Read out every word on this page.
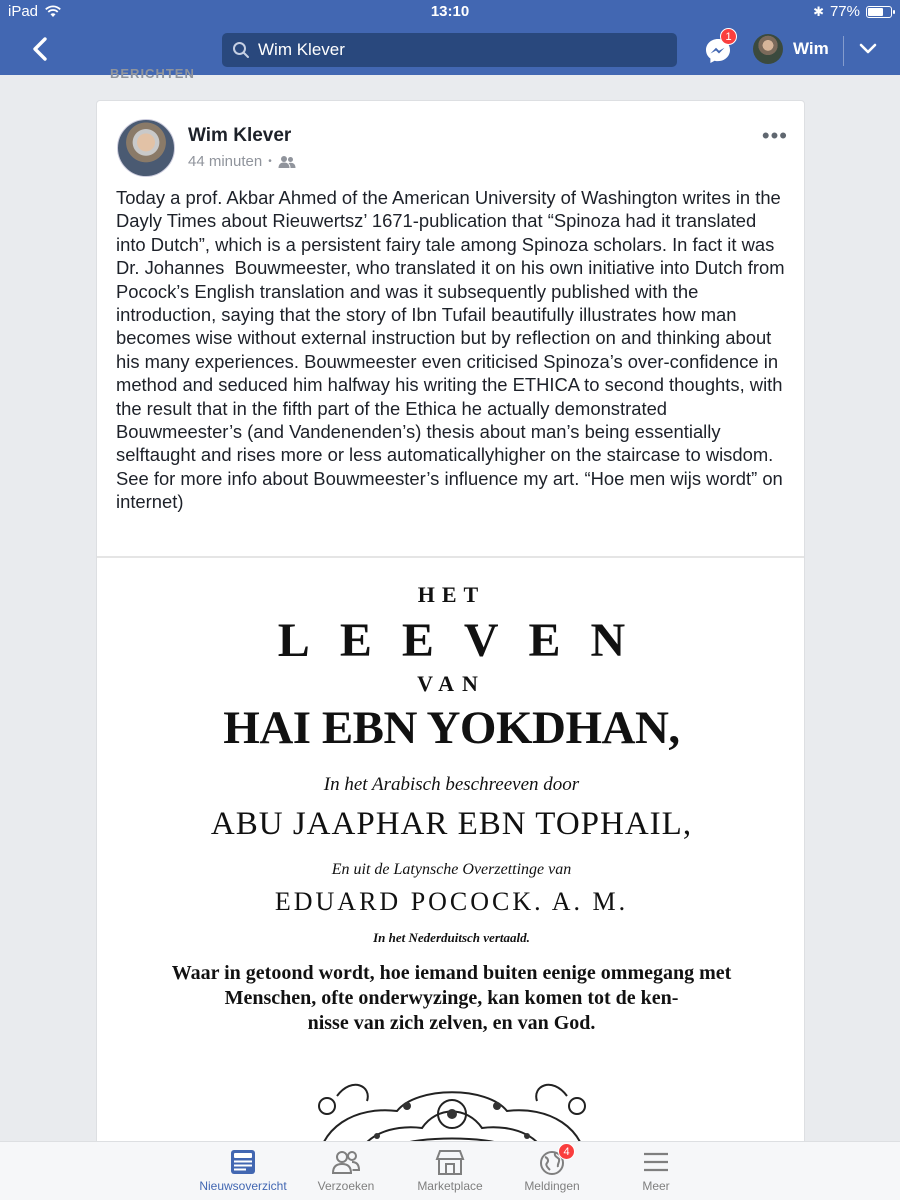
iPad	13:10	✱ 77%
Wim Klever
1
Wim
BERICHTEN
Wim Klever
44 minuten •
•••
Today a prof. Akbar Ahmed of the American University of Washington writes in the Dayly Times about Rieuwertsz’ 1671-publication that “Spinoza had it translated into Dutch”, which is a persistent fairy tale among Spinoza scholars. In fact it was Dr. Johannes  Bouwmeester, who translated it on his own initiative into Dutch from Pocock’s English translation and was it subsequently published with the introduction, saying that the story of Ibn Tufail beautifully illustrates how man becomes wise without external instruction but by reflection on and thinking about his many experiences. Bouwmeester even criticised Spinoza’s over-confidence in method and seduced him halfway his writing the ETHICA to second thoughts, with the result that in the fifth part of the Ethica he actually demonstrated Bouwmeester’s (and Vandenenden’s) thesis about man’s being essentially selftaught and rises more or less automaticallyhigher on the staircase to wisdom. See for more info about Bouwmeester’s influence my art. “Hoe men wijs wordt” on internet)
HET
LEEVEN
VAN
HAI EBN YOKDHAN,
In het Arabisch beschreeven door
ABU JAAPHAR EBN TOPHAIL,
En uit de Latynsche Overzettinge van
EDUARD POCOCK. A. M.
In het Nederduitsch vertaald.
Waar in getoond wordt, hoe iemand buiten eenige ommegang met
Menschen, ofte onderwyzinge, kan komen tot de ken-
nisse van zich zelven, en van God.
Nieuwsoverzicht	Verzoeken	Marketplace
4
Meldingen	Meer
